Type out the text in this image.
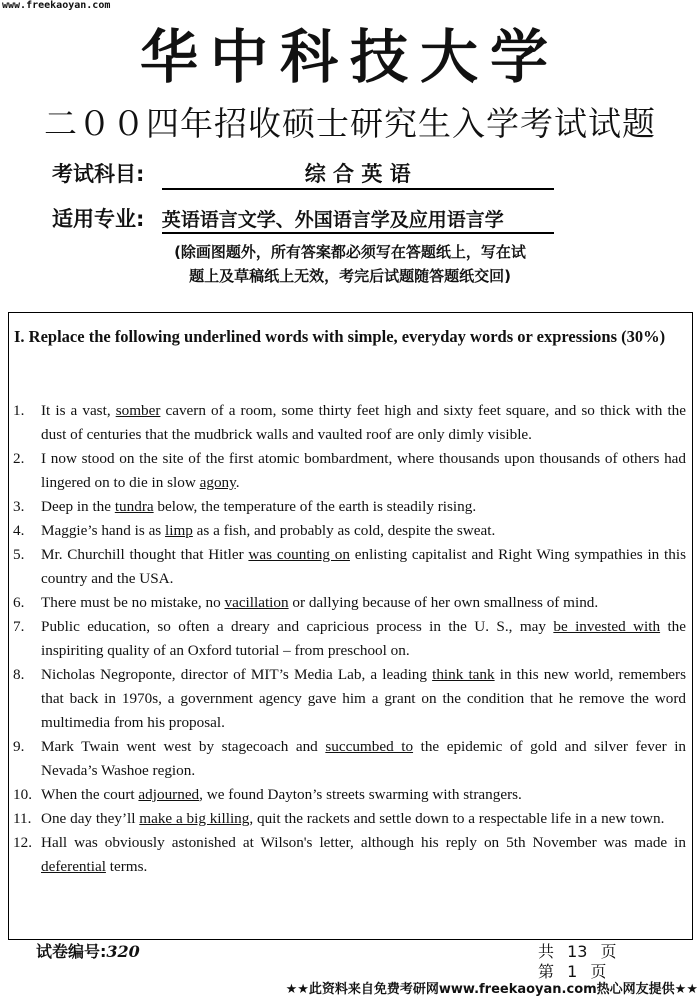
www.freekaoyan.com
华中科技大学
二００四年招收硕士研究生入学考试试题
考试科目:	综 合 英 语
适用专业: 英语语言文学、外国语言学及应用语言学
(除画图题外，所有答案都必须写在答题纸上，写在试
题上及草稿纸上无效，考完后试题随答题纸交回)
I. Replace the following underlined words with simple, everyday words or expressions (30%)
1.	It is a vast, somber cavern of a room, some thirty feet high and sixty feet square, and so thick with the dust of centuries that the mudbrick walls and vaulted roof are only dimly visible.
2.	I now stood on the site of the first atomic bombardment, where thousands upon thousands of others had lingered on to die in slow agony.
3.	Deep in the tundra below, the temperature of the earth is steadily rising.
4.	Maggie’s hand is as limp as a fish, and probably as cold, despite the sweat.
5.	Mr. Churchill thought that Hitler was counting on enlisting capitalist and Right Wing sympathies in this country and the USA.
6.	There must be no mistake, no vacillation or dallying because of her own smallness of mind.
7.	Public education, so often a dreary and capricious process in the U. S., may be invested with the inspiriting quality of an Oxford tutorial – from preschool on.
8.	Nicholas Negroponte, director of MIT’s Media Lab, a leading think tank in this new world, remembers that back in 1970s, a government agency gave him a grant on the condition that he remove the word multimedia from his proposal.
9.	Mark Twain went west by stagecoach and succumbed to the epidemic of gold and silver fever in Nevada’s Washoe region.
10. When the court adjourned, we found Dayton’s streets swarming with strangers.
11. One day they’ll make a big killing, quit the rackets and settle down to a respectable life in a new town.
12. Hall was obviously astonished at Wilson's letter, although his reply on 5th November was made in deferential terms.
试卷编号:320	共 13 页
第 1 页
★★此资料来自免费考研网www.freekaoyan.com热心网友提供★★
